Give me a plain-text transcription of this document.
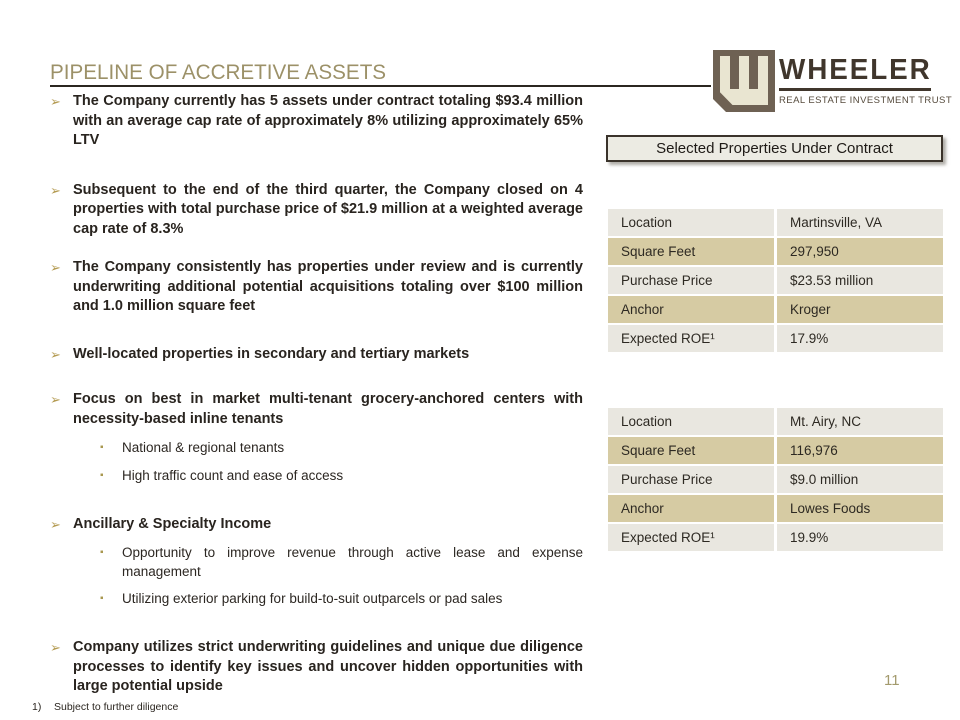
PIPELINE OF ACCRETIVE ASSETS	WHEELER
REAL ESTATE INVESTMENT TRUST
➢ The Company currently has 5 assets under contract totaling $93.4 million with an average cap rate of approximately 8% utilizing approximately 65% LTV
➢ Subsequent to the end of the third quarter, the Company closed on 4 properties with total purchase price of $21.9 million at a weighted average cap rate of 8.3%
➢ The Company consistently has properties under review and is currently underwriting additional potential acquisitions totaling over $100 million and 1.0 million square feet
➢ Well-located properties in secondary and tertiary markets
➢ Focus on best in market multi-tenant grocery-anchored centers with necessity-based inline tenants
▪	National & regional tenants
▪	High traffic count and ease of access
➢ Ancillary & Specialty Income
▪	Opportunity to improve revenue through active lease and expense management
▪	Utilizing exterior parking for build-to-suit outparcels or pad sales
➢ Company utilizes strict underwriting guidelines and unique due diligence processes to identify key issues and uncover hidden opportunities with large potential upside
Selected Properties Under Contract
Location	Martinsville, VA
Square Feet	297,950
Purchase Price	$23.53 million
Anchor	Kroger
Expected ROE¹	17.9%
Location	Mt. Airy, NC
Square Feet	116,976
Purchase Price	$9.0 million
Anchor	Lowes Foods
Expected ROE¹	19.9%
1)	Subject to further diligence
11
